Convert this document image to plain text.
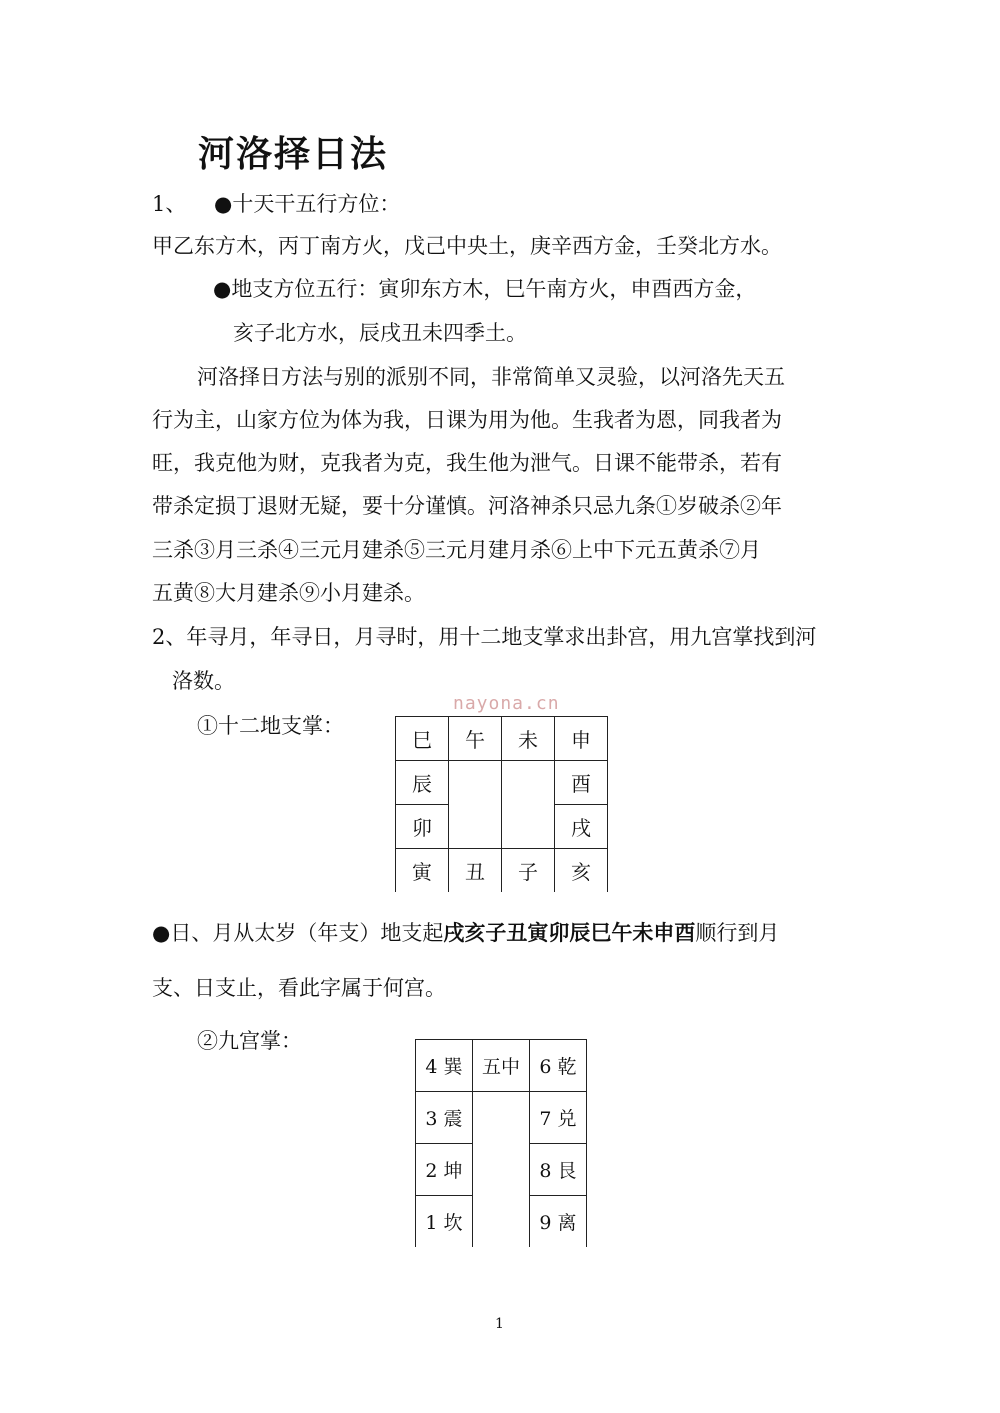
河洛择日法
1、 ●十天干五行方位：
甲乙东方木，丙丁南方火，戊己中央土，庚辛西方金，壬癸北方水。
●地支方位五行：寅卯东方木，巳午南方火，申酉西方金，
亥子北方水，辰戌丑未四季土。
河洛择日方法与别的派别不同，非常简单又灵验，以河洛先天五
行为主，山家方位为体为我，日课为用为他。生我者为恩，同我者为
旺，我克他为财，克我者为克，我生他为泄气。日课不能带杀，若有
带杀定损丁退财无疑，要十分谨慎。河洛神杀只忌九条①岁破杀②年
三杀③月三杀④三元月建杀⑤三元月建月杀⑥上中下元五黄杀⑦月
五黄⑧大月建杀⑨小月建杀。
2、年寻月，年寻日，月寻时，用十二地支掌求出卦宫，用九宫掌找到河
洛数。
nayona.cn
①十二地支掌：
巳	午	未	申
辰			酉
卯			戌
寅	丑	子	亥
●日、月从太岁（年支）地支起戌亥子丑寅卯辰巳午未申酉顺行到月
支、日支止，看此字属于何宫。
②九宫掌：
4 巽	五中	6 乾
3 震		7 兑
2 坤		8 艮
1 坎		9 离
1
